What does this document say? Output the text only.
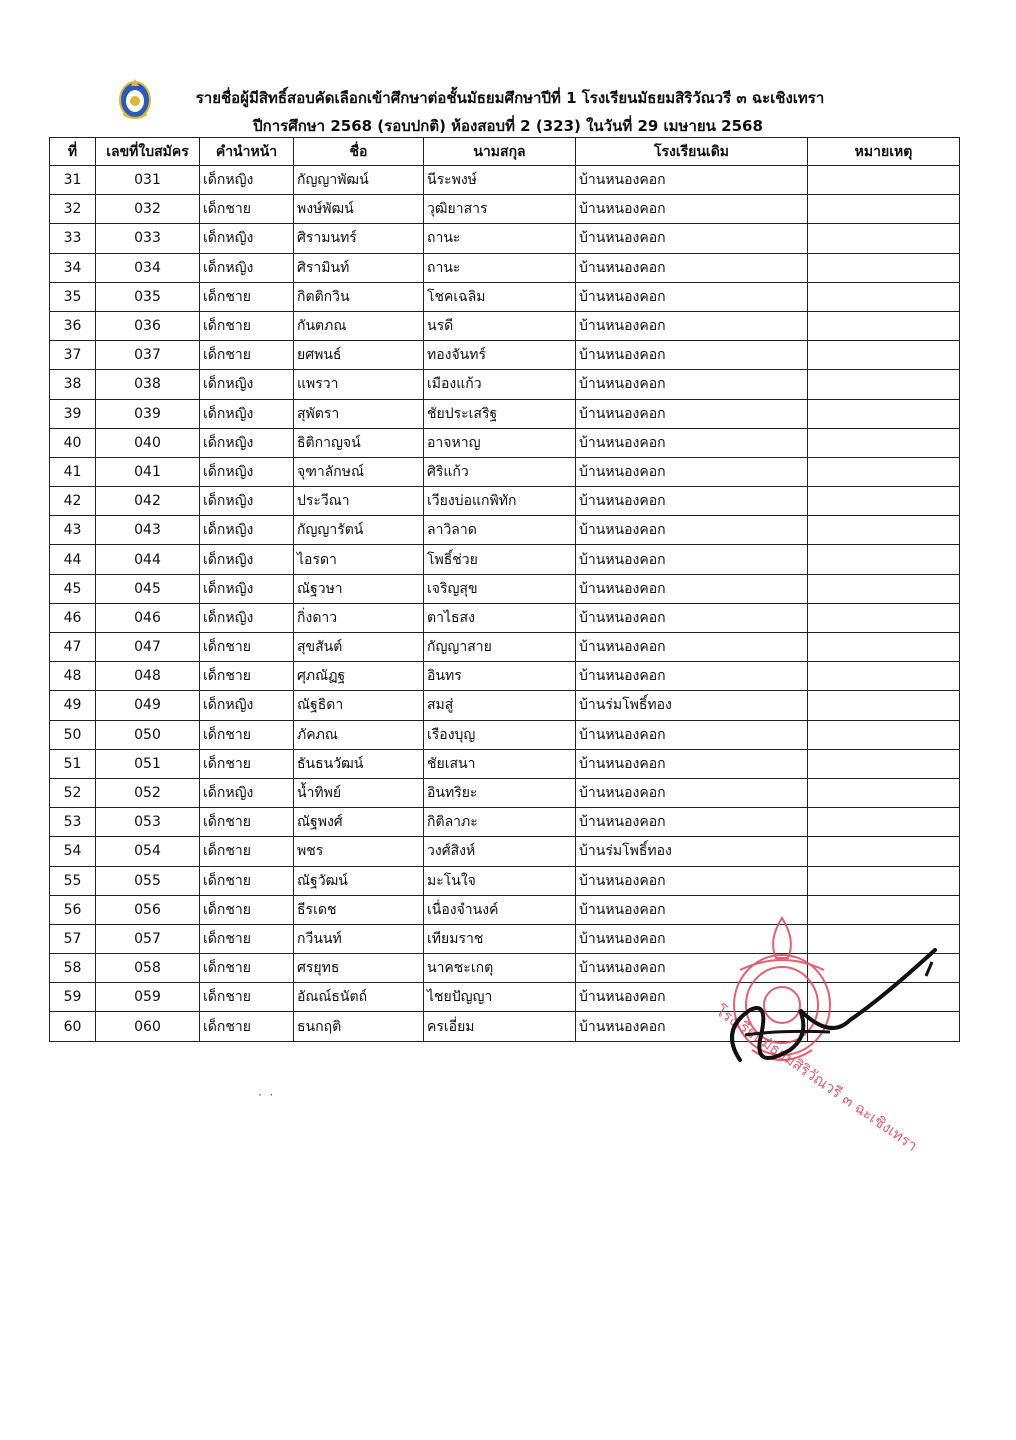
รายชื่อผู้มีสิทธิ์สอบคัดเลือกเข้าศึกษาต่อชั้นมัธยมศึกษาปีที่ 1 โรงเรียนมัธยมสิริวัณวรี ๓ ฉะเชิงเทรา
ปีการศึกษา 2568 (รอบปกติ) ห้องสอบที่ 2 (323) ในวันที่ 29 เมษายน 2568
ที่	เลขที่ใบสมัคร	คำนำหน้า	ชื่อ	นามสกุล	โรงเรียนเดิม	หมายเหตุ
31	031	เด็กหญิง	กัญญาพัฒน์	นีระพงษ์	บ้านหนองคอก	
32	032	เด็กชาย	พงษ์พัฒน์	วุฒิยาสาร	บ้านหนองคอก	
33	033	เด็กหญิง	ศิรามนทร์	ถานะ	บ้านหนองคอก	
34	034	เด็กหญิง	ศิรามินท์	ถานะ	บ้านหนองคอก	
35	035	เด็กชาย	กิตติกวิน	โชคเฉลิม	บ้านหนองคอก	
36	036	เด็กชาย	กันตภณ	นรดี	บ้านหนองคอก	
37	037	เด็กชาย	ยศพนธ์	ทองจันทร์	บ้านหนองคอก	
38	038	เด็กหญิง	แพรวา	เมืองแก้ว	บ้านหนองคอก	
39	039	เด็กหญิง	สุพัตรา	ชัยประเสริฐ	บ้านหนองคอก	
40	040	เด็กหญิง	ธิติกาญจน์	อาจหาญ	บ้านหนองคอก	
41	041	เด็กหญิง	จุฑาลักษณ์	ศิริแก้ว	บ้านหนองคอก	
42	042	เด็กหญิง	ประวีณา	เวียงบ่อแกพิทัก	บ้านหนองคอก	
43	043	เด็กหญิง	กัญญารัตน์	ลาวิลาด	บ้านหนองคอก	
44	044	เด็กหญิง	ไอรดา	โพธิ์ช่วย	บ้านหนองคอก	
45	045	เด็กหญิง	ณัฐวษา	เจริญสุข	บ้านหนองคอก	
46	046	เด็กหญิง	กิ่งดาว	ตาไธสง	บ้านหนองคอก	
47	047	เด็กชาย	สุขสันต์	กัญญาสาย	บ้านหนองคอก	
48	048	เด็กชาย	ศุภณัฏฐ	อินทร	บ้านหนองคอก	
49	049	เด็กหญิง	ณัฐธิดา	สมสู่	บ้านร่มโพธิ์ทอง	
50	050	เด็กชาย	ภัคภณ	เรืองบุญ	บ้านหนองคอก	
51	051	เด็กชาย	ธันธนวัฒน์	ชัยเสนา	บ้านหนองคอก	
52	052	เด็กหญิง	น้ำทิพย์	อินทริยะ	บ้านหนองคอก	
53	053	เด็กชาย	ณัฐพงศ์	กิติลาภะ	บ้านหนองคอก	
54	054	เด็กชาย	พชร	วงศ์สิงห์	บ้านร่มโพธิ์ทอง	
55	055	เด็กชาย	ณัฐวัฒน์	มะโนใจ	บ้านหนองคอก	
56	056	เด็กชาย	ธีรเดช	เนื่องจำนงค์	บ้านหนองคอก	
57	057	เด็กชาย	กวีนนท์	เทียมราช	บ้านหนองคอก	
58	058	เด็กชาย	ศรยุทธ	นาคชะเกตุ	บ้านหนองคอก	
59	059	เด็กชาย	อัณณ์ธนัตถ์	ไชยปัญญา	บ้านหนองคอก	
60	060	เด็กชาย	ธนกฤติ	ครเอี่ยม	บ้านหนองคอก		โรงเรียนมัธยมสิริวัณวรี ๓ ฉะเชิงเทรา
·  ·
